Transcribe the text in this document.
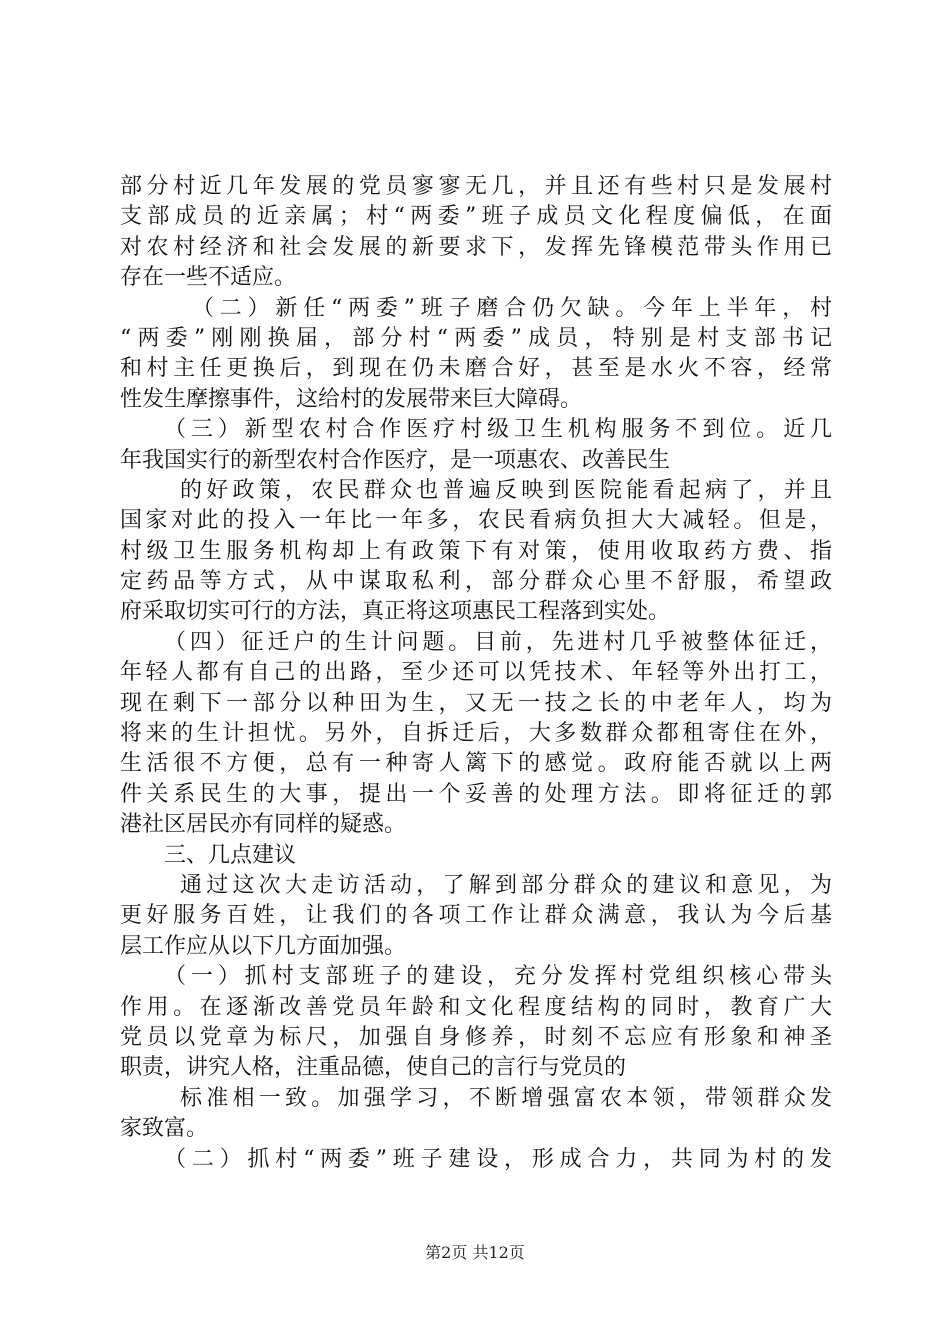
部分村近几年发展的党员寥寥无几，并且还有些村只是发展村
支部成员的近亲属；村“两委”班子成员文化程度偏低，在面
对农村经济和社会发展的新要求下，发挥先锋模范带头作用已
存在一些不适应。
（二）新任“两委”班子磨合仍欠缺。今年上半年，村
“两委”刚刚换届，部分村“两委”成员，特别是村支部书记
和村主任更换后，到现在仍未磨合好，甚至是水火不容，经常
性发生摩擦事件，这给村的发展带来巨大障碍。
（三）新型农村合作医疗村级卫生机构服务不到位。近几
年我国实行的新型农村合作医疗，是一项惠农、改善民生
的好政策，农民群众也普遍反映到医院能看起病了，并且
国家对此的投入一年比一年多，农民看病负担大大减轻。但是，
村级卫生服务机构却上有政策下有对策，使用收取药方费、指
定药品等方式，从中谋取私利，部分群众心里不舒服，希望政
府采取切实可行的方法，真正将这项惠民工程落到实处。
（四）征迁户的生计问题。目前，先进村几乎被整体征迁，
年轻人都有自己的出路，至少还可以凭技术、年轻等外出打工，
现在剩下一部分以种田为生，又无一技之长的中老年人，均为
将来的生计担忧。另外，自拆迁后，大多数群众都租寄住在外，
生活很不方便，总有一种寄人篱下的感觉。政府能否就以上两
件关系民生的大事，提出一个妥善的处理方法。即将征迁的郭
港社区居民亦有同样的疑惑。
三、几点建议
通过这次大走访活动，了解到部分群众的建议和意见，为
更好服务百姓，让我们的各项工作让群众满意，我认为今后基
层工作应从以下几方面加强。
（一）抓村支部班子的建设，充分发挥村党组织核心带头
作用。在逐渐改善党员年龄和文化程度结构的同时，教育广大
党员以党章为标尺，加强自身修养，时刻不忘应有形象和神圣
职责，讲究人格，注重品德，使自己的言行与党员的
标准相一致。加强学习，不断增强富农本领，带领群众发
家致富。
（二）抓村“两委”班子建设，形成合力，共同为村的发
第2页 共12页
